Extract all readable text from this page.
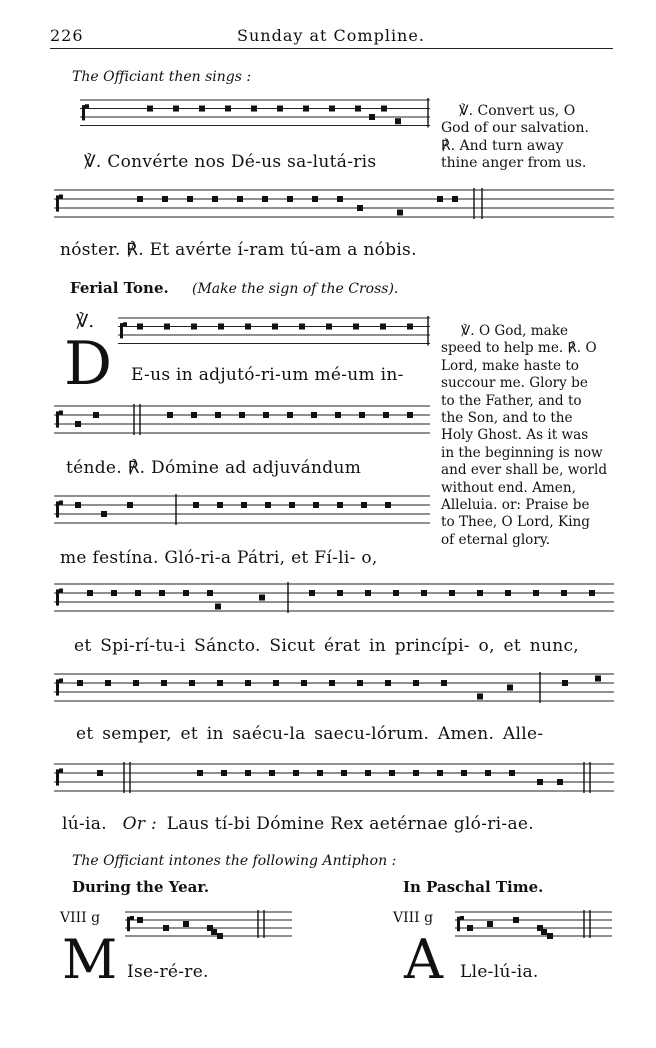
226	Sunday at Compline.
The Officiant then sings :
℣. Convérte nos Dé-us sa-lutá-ris
nóster. ℟. Et avérte í-ram tú-am a nóbis.
℣. Convert us, O
God of our salvation.
℟. And turn away
thine anger from us.
Ferial Tone. (Make the sign of the Cross).
℣.
D E-us in adjutó-ri-um mé-um in-
ténde. ℟. Dómine ad adjuvándum
me festína. Gló-ri-a Pátri, et Fí-li- o,
et Spi-rí-tu-i Sáncto. Sicut érat in princípi- o, et nunc,
et semper, et in saécu-la saecu-lórum. Amen. Alle-
lú-ia. Or : Laus tí-bi Dómine Rex aetérnae gló-ri-ae.
℣. O God, make
speed to help me. ℟. O
Lord, make haste to
succour me. Glory be
to the Father, and to
the Son, and to the
Holy Ghost. As it was
in the beginning is now
and ever shall be, world
without end. Amen,
Alleluia. or: Praise be
to Thee, O Lord, King
of eternal glory.
The Officiant intones the following Antiphon :
During the Year.	In Paschal Time.
VIII g	VIII g
M Ise-ré-re.	A Lle-lú-ia.
